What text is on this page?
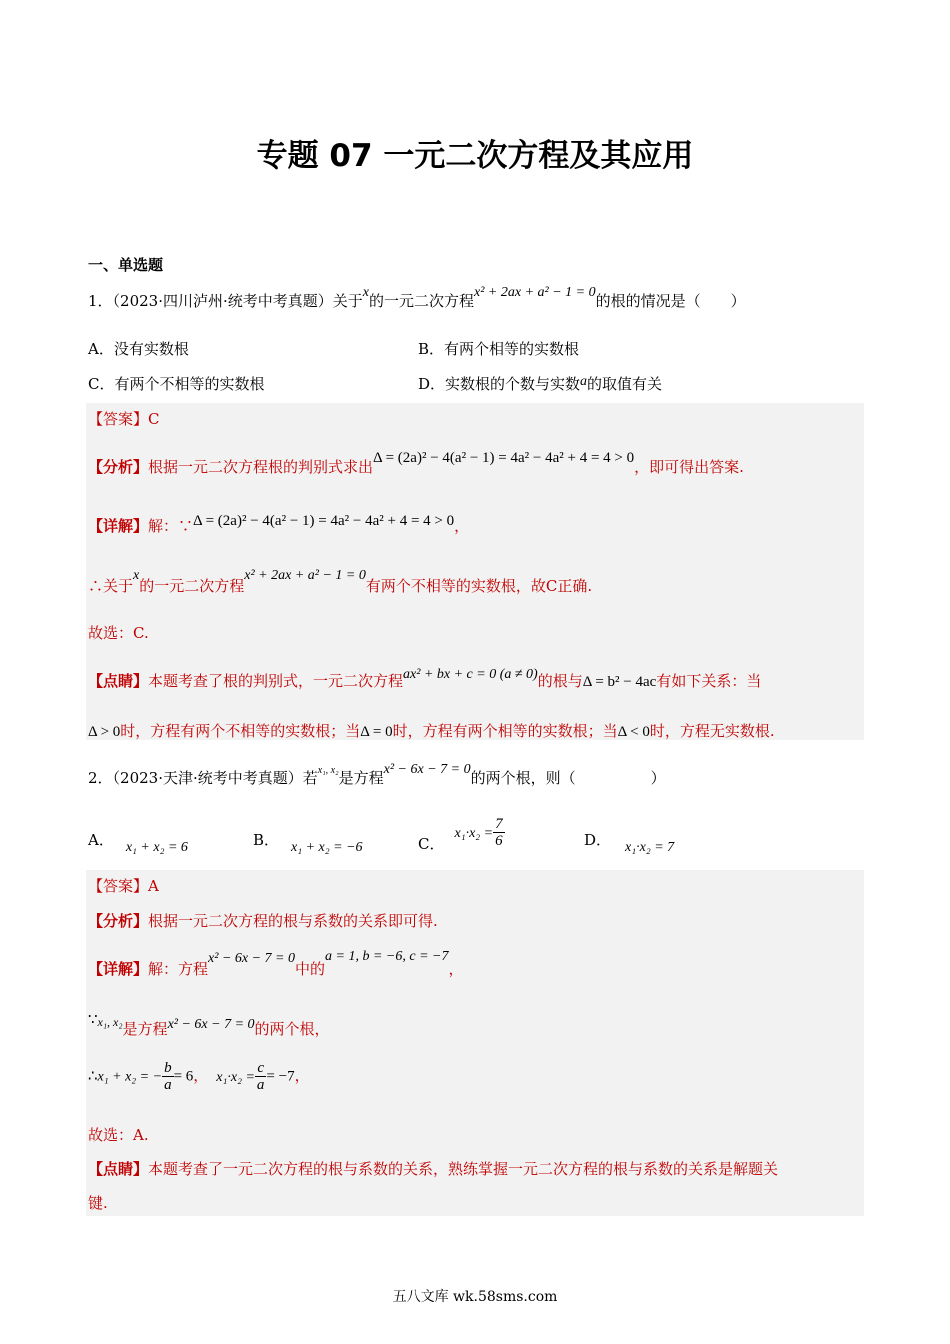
专题 07 一元二次方程及其应用
一、单选题
1．（2023·四川泸州·统考中考真题）关于x的一元二次方程x² + 2ax + a² − 1 = 0的根的情况是（　　）
A．没有实数根	B．有两个相等的实数根
C．有两个不相等的实数根	D．实数根的个数与实数a的取值有关
【答案】C
【分析】根据一元二次方程根的判别式求出Δ = (2a)² − 4(a² − 1) = 4a² − 4a² + 4 = 4 > 0，即可得出答案.
【详解】解：∵Δ = (2a)² − 4(a² − 1) = 4a² − 4a² + 4 = 4 > 0，
∴关于x的一元二次方程x² + 2ax + a² − 1 = 0有两个不相等的实数根，故C正确.
故选：C.
【点睛】本题考查了根的判别式，一元二次方程ax² + bx + c = 0 (a ≠ 0)的根与Δ = b² − 4ac有如下关系：当
Δ > 0时，方程有两个不相等的实数根；当Δ = 0时，方程有两个相等的实数根；当Δ < 0时，方程无实数根.
2．（2023·天津·统考中考真题）若$^{x_1, x_2}$是方程x² − 6x − 7 = 0的两个根，则（　　　　　）
A． x₁ + x₂ = 6	B． x₁ + x₂ = −6	C．$x_1\cdot x_2 = \frac{7}{6}$	D． x₁·x₂ = 7
【答案】A
【分析】根据一元二次方程的根与系数的关系即可得.
【详解】解：方程x² − 6x − 7 = 0中的a = 1, b = −6, c = −7，
∵$^{x_1, x_2}$是方程x² − 6x − 7 = 0的两个根，
∴x₁ + x₂ = − $\frac{b}{a} = 6$， $x_1\cdot x_2 = \frac{c}{a} = -7$，
故选：A.
【点睛】本题考查了一元二次方程的根与系数的关系，熟练掌握一元二次方程的根与系数的关系是解题关
键.
五八文库 wk.58sms.com
